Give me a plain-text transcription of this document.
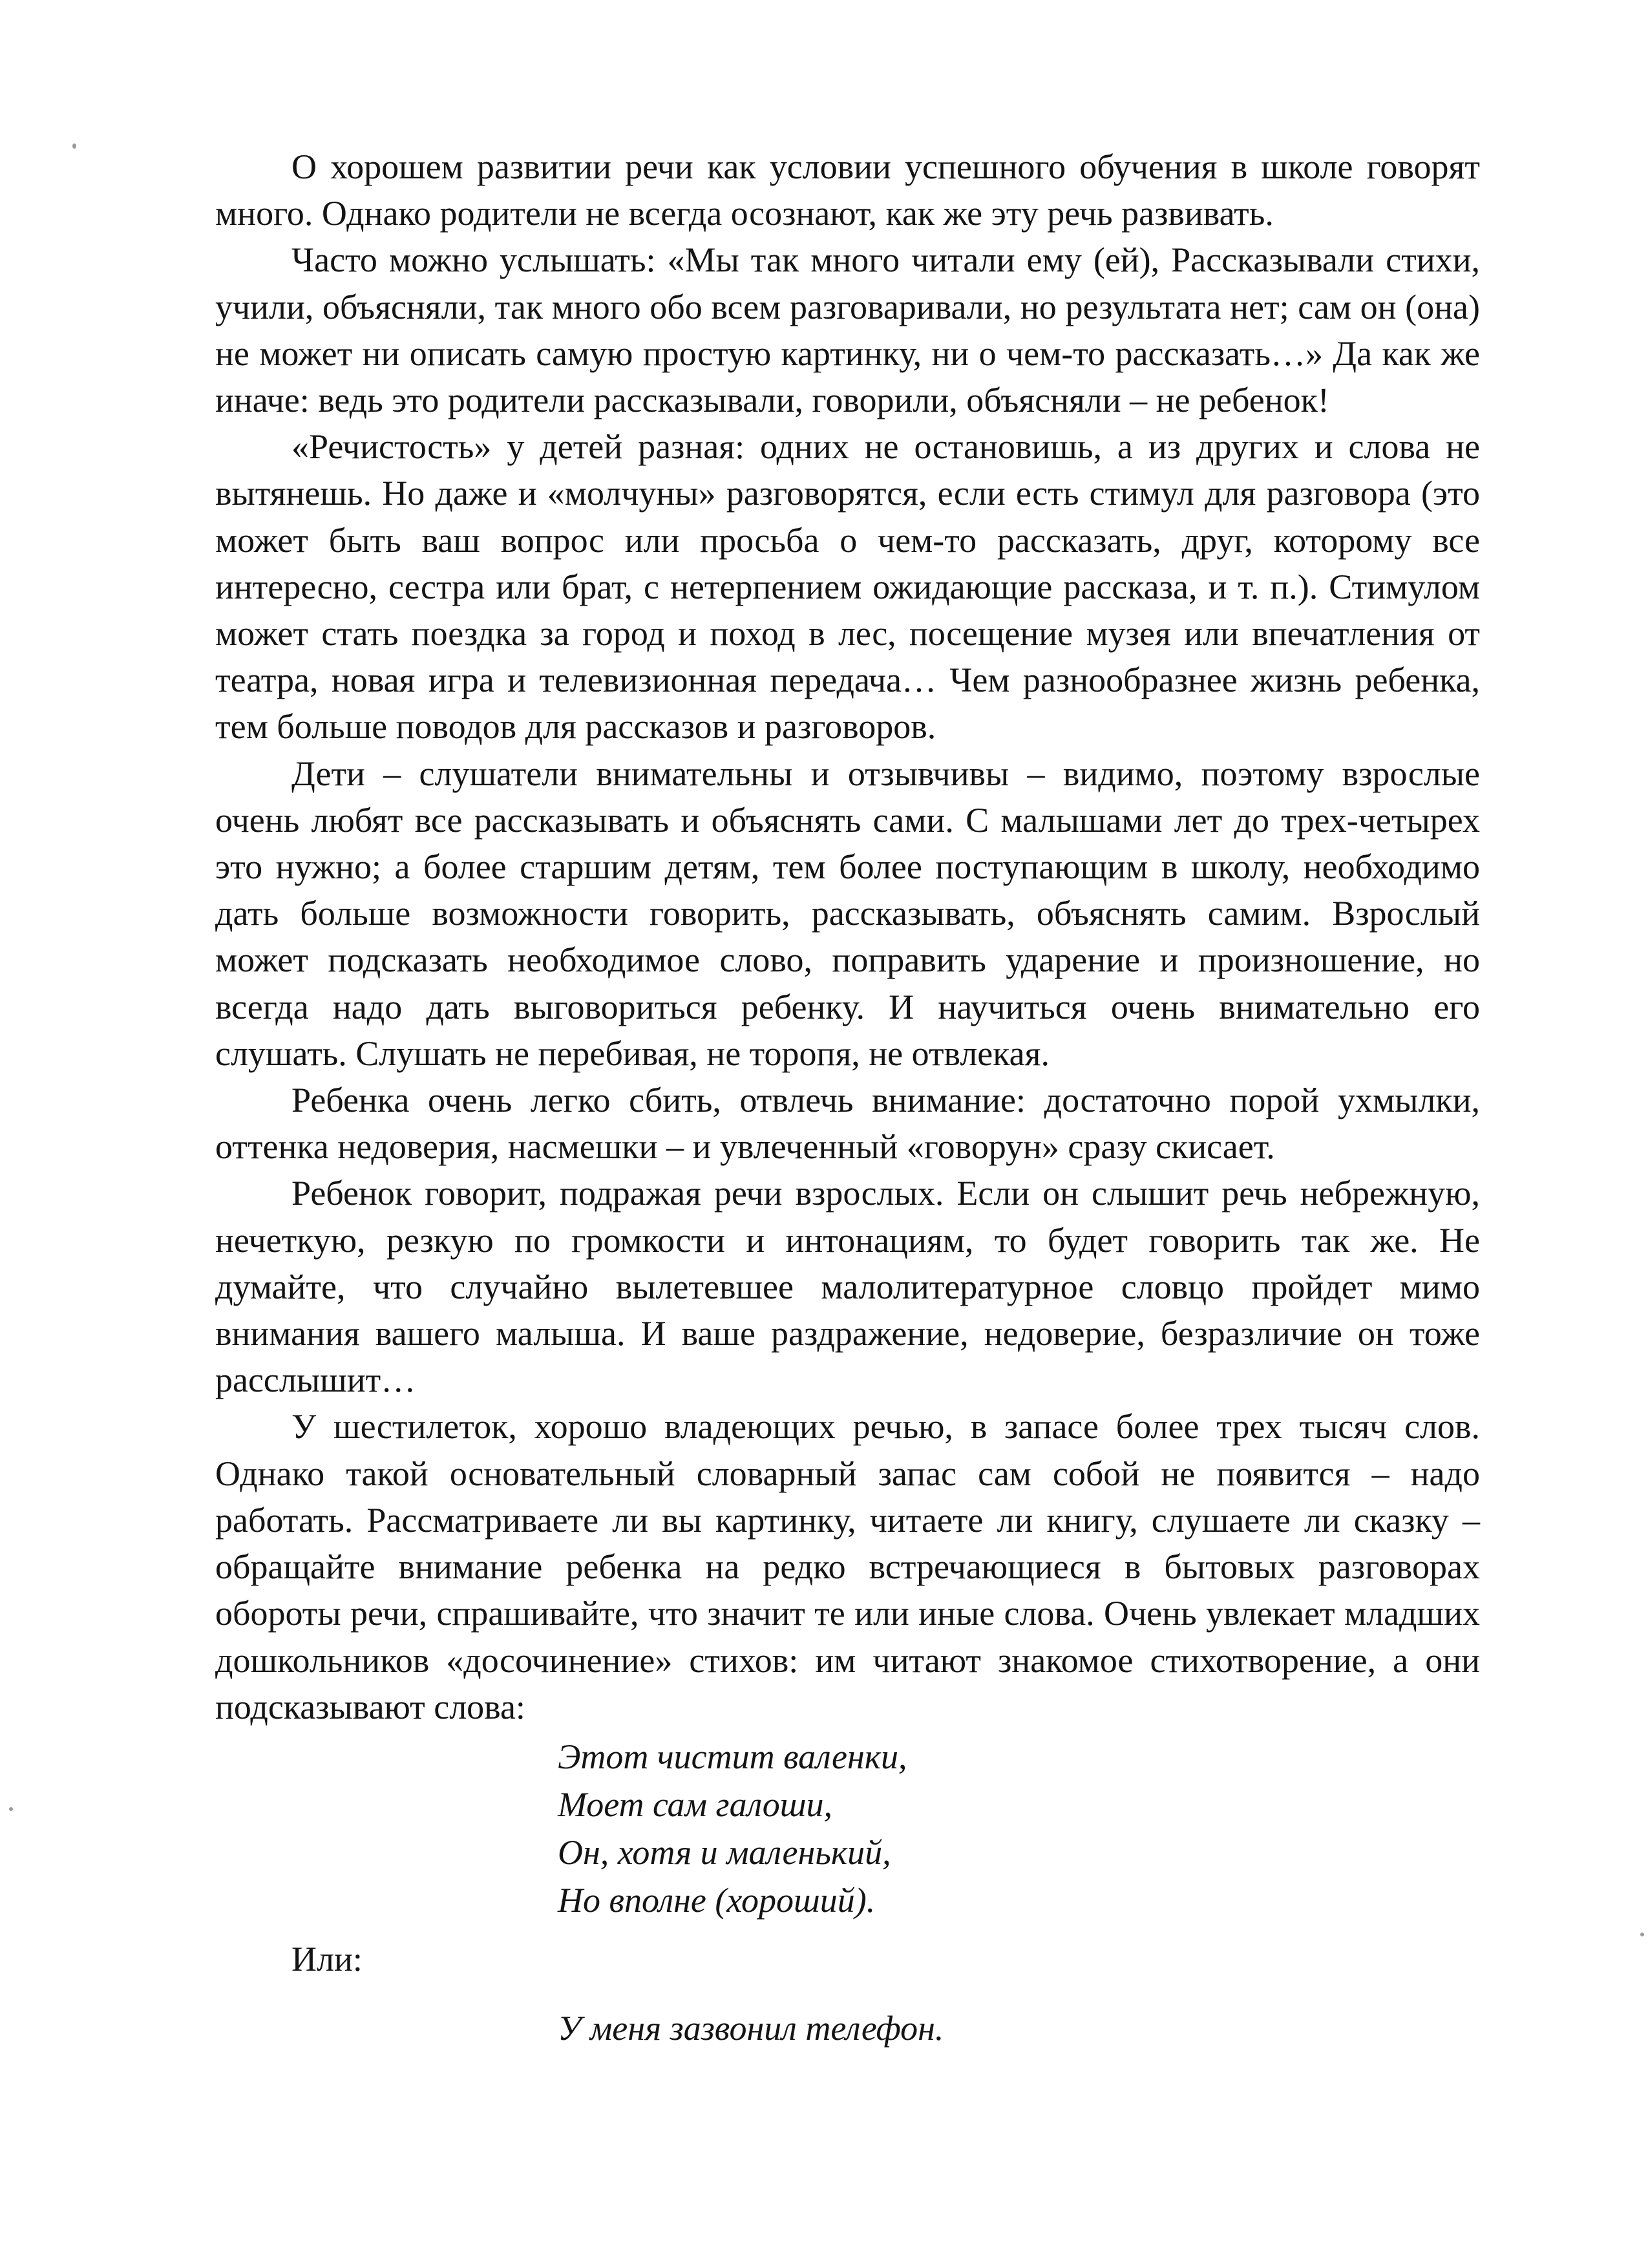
О хорошем развитии речи как условии успешного обучения в школе говорят много. Однако родители не всегда осознают, как же эту речь развивать.

Часто можно услышать: «Мы так много читали ему (ей), Рассказывали стихи, учили, объясняли, так много обо всем разговаривали, но результата нет; сам он (она) не может ни описать самую простую картинку, ни о чем-то рассказать…» Да как же иначе: ведь это родители рассказывали, говорили, объясняли – не ребенок!

«Речистость» у детей разная: одних не остановишь, а из других и слова не вытянешь. Но даже и «молчуны» разговорятся, если есть стимул для разговора (это может быть ваш вопрос или просьба о чем-то рассказать, друг, которому все интересно, сестра или брат, с нетерпением ожидающие рассказа, и т. п.). Стимулом может стать поездка за город и поход в лес, посещение музея или впечатления от театра, новая игра и телевизионная передача… Чем разнообразнее жизнь ребенка, тем больше поводов для рассказов и разговоров.

Дети – слушатели внимательны и отзывчивы – видимо, поэтому взрослые очень любят все рассказывать и объяснять сами. С малышами лет до трех-четырех это нужно; а более старшим детям, тем более поступающим в школу, необходимо дать больше возможности говорить, рассказывать, объяснять самим. Взрослый может подсказать необходимое слово, поправить ударение и произношение, но всегда надо дать выговориться ребенку. И научиться очень внимательно его слушать. Слушать не перебивая, не торопя, не отвлекая.

Ребенка очень легко сбить, отвлечь внимание: достаточно порой ухмылки, оттенка недоверия, насмешки – и увлеченный «говорун» сразу скисает.

Ребенок говорит, подражая речи взрослых. Если он слышит речь небрежную, нечеткую, резкую по громкости и интонациям, то будет говорить так же. Не думайте, что случайно вылетевшее малолитературное словцо пройдет мимо внимания вашего малыша. И ваше раздражение, недоверие, безразличие он тоже расслышит…

У шестилеток, хорошо владеющих речью, в запасе более трех тысяч слов. Однако такой основательный словарный запас сам собой не появится – надо работать. Рассматриваете ли вы картинку, читаете ли книгу, слушаете ли сказку – обращайте внимание ребенка на редко встречающиеся в бытовых разговорах обороты речи, спрашивайте, что значит те или иные слова. Очень увлекает младших дошкольников «досочинение» стихов: им читают знакомое стихотворение, а они подсказывают слова:

Этот чистит валенки,
Моет сам галоши,
Он, хотя и маленький,
Но вполне (хороший).

Или:

У меня зазвонил телефон.
